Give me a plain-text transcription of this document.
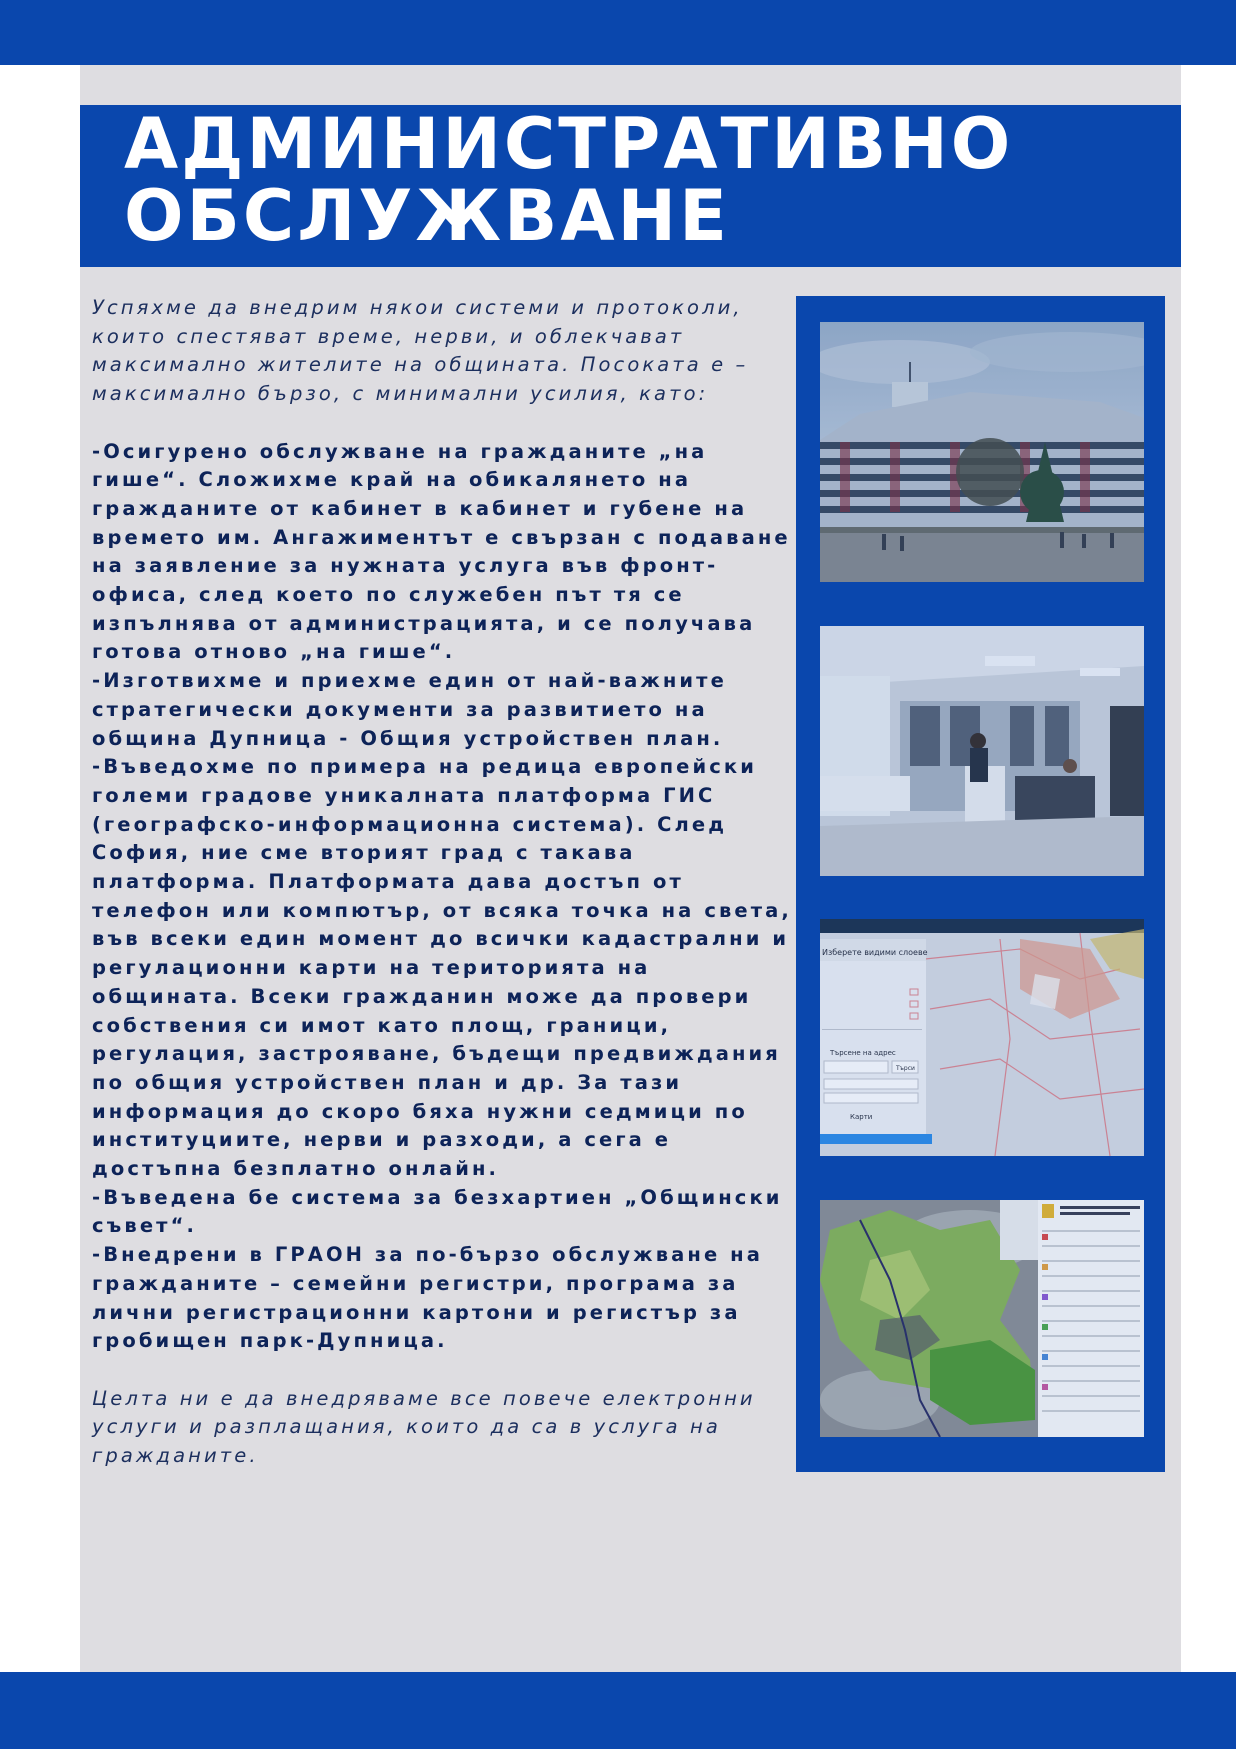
АДМИНИСТРАТИВНО
ОБСЛУЖВАНЕ

Успяхме да внедрим някои системи и протоколи, които спестяват време, нерви, и облекчават максимално жителите на общината. Посоката е – максимално бързо, с минимални усилия, като:

-Осигурено обслужване на гражданите „на гише“. Сложихме край на обикалянето на гражданите от кабинет в кабинет и губене на времето им. Ангажиментът е свързан с подаване на заявление за нужната услуга във фронт-офиса, след което по служебен път тя се изпълнява от администрацията, и се получава готова отново „на гише“.

-Изготвихме и приехме един от най-важните стратегически документи за развитието на община Дупница - Общия устройствен план.

-Въведохме по примера на редица европейски големи градове уникалната платформа ГИС (географско-информационна система). След София, ние сме вторият град с такава платформа. Платформата дава достъп от телефон или компютър, от всяка точка на света, във всеки един момент до всички кадастрални и регулационни карти на територията на общината. Всеки гражданин може да провери собствения си имот като площ, граници, регулация, застрояване, бъдещи предвиждания по общия устройствен план и др. За тази информация до скоро бяха нужни седмици по институциите, нерви и разходи, а сега е достъпна безплатно онлайн.

-Въведена бе система за безхартиен „Общински съвет“.

-Внедрени в ГРАОН за по-бързо обслужване на гражданите – семейни регистри, програма за лични регистрационни картони и регистър за гробищен парк-Дупница.

Целта ни е да внедряваме все повече електронни услуги и разплащания, които да са в услуга на гражданите.

Изберете видими слоеве
Търсене на адрес
Търси
Карти
